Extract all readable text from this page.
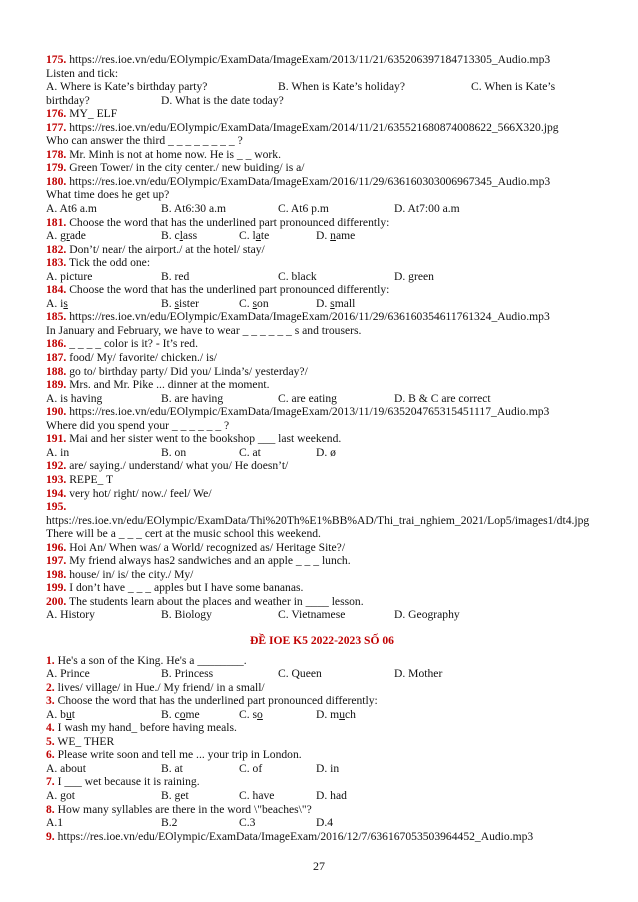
175. https://res.ioe.vn/edu/EOlympic/ExamData/ImageExam/2013/11/21/635206397184713305_Audio.mp3
Listen and tick:
A. Where is Kate’s birthday party?	B. When is Kate’s holiday?	C. When is Kate’s
birthday?	D. What is the date today?
176. MY_ ELF
177. https://res.ioe.vn/edu/EOlympic/ExamData/ImageExam/2014/11/21/635521680874008622_566X320.jpg
Who can answer the third _ _ _ _ _ _ _ _ ?
178. Mr. Minh is not at home now. He is _ _ work.
179. Green Tower/ in the city center./ new buiding/ is a/
180. https://res.ioe.vn/edu/EOlympic/ExamData/ImageExam/2016/11/29/636160303006967345_Audio.mp3
What time does he get up?
A. At6 a.m	B. At6:30 a.m	C. At6 p.m	D. At7:00 a.m
181. Choose the word that has the underlined part pronounced differently:
A. grade	B. class	C. late	D. name
182. Don’t/ near/ the airport./ at the hotel/ stay/
183. Tick the odd one:
A. picture	B. red	C. black	D. green
184. Choose the word that has the underlined part pronounced differently:
A. is	B. sister	C. son	D. small
185. https://res.ioe.vn/edu/EOlympic/ExamData/ImageExam/2016/11/29/636160354611761324_Audio.mp3
In January and February, we have to wear _ _ _ _ _ _ s and trousers.
186. _ _ _ _ color is it? - It’s red.
187. food/ My/ favorite/ chicken./ is/
188. go to/ birthday party/ Did you/ Linda’s/ yesterday?/
189. Mrs. and Mr. Pike ... dinner at the moment.
A. is having	B. are having	C. are eating	D. B & C are correct
190. https://res.ioe.vn/edu/EOlympic/ExamData/ImageExam/2013/11/19/635204765315451117_Audio.mp3
Where did you spend your _ _ _ _ _ _ ?
191. Mai and her sister went to the bookshop ___ last weekend.
A. in	B. on	C. at	D. ø
192. are/ saying./ understand/ what you/ He doesn’t/
193. REPE_ T
194. very hot/ right/ now./ feel/ We/
195.
https://res.ioe.vn/edu/EOlympic/ExamData/Thi%20Th%E1%BB%AD/Thi_trai_nghiem_2021/Lop5/images1/dt4.jpg
There will be a _ _ _ cert at the music school this weekend.
196. Hoi An/ When was/ a World/ recognized as/ Heritage Site?/
197. My friend always has2 sandwiches and an apple _ _ _ lunch.
198. house/ in/ is/ the city./ My/
199. I don’t have _ _ _ apples but I have some bananas.
200. The students learn about the places and weather in ____ lesson.
A. History	B. Biology	C. Vietnamese	D. Geography
ĐỀ IOE K5 2022-2023 SỐ 06
1. He's a son of the King. He's a ________.
A. Prince	B. Princess	C. Queen	D. Mother
2. lives/ village/ in Hue./ My friend/ in a small/
3. Choose the word that has the underlined part pronounced differently:
A. but	B. come	C. so	D. much
4. I wash my hand_ before having meals.
5. WE_ THER
6. Please write soon and tell me ... your trip in London.
A. about	B. at	C. of	D. in
7. I ___ wet because it is raining.
A. got	B. get	C. have	D. had
8. How many syllables are there in the word \"beaches\"?
A.1	B.2	C.3	D.4
9. https://res.ioe.vn/edu/EOlympic/ExamData/ImageExam/2016/12/7/636167053503964452_Audio.mp3
27
